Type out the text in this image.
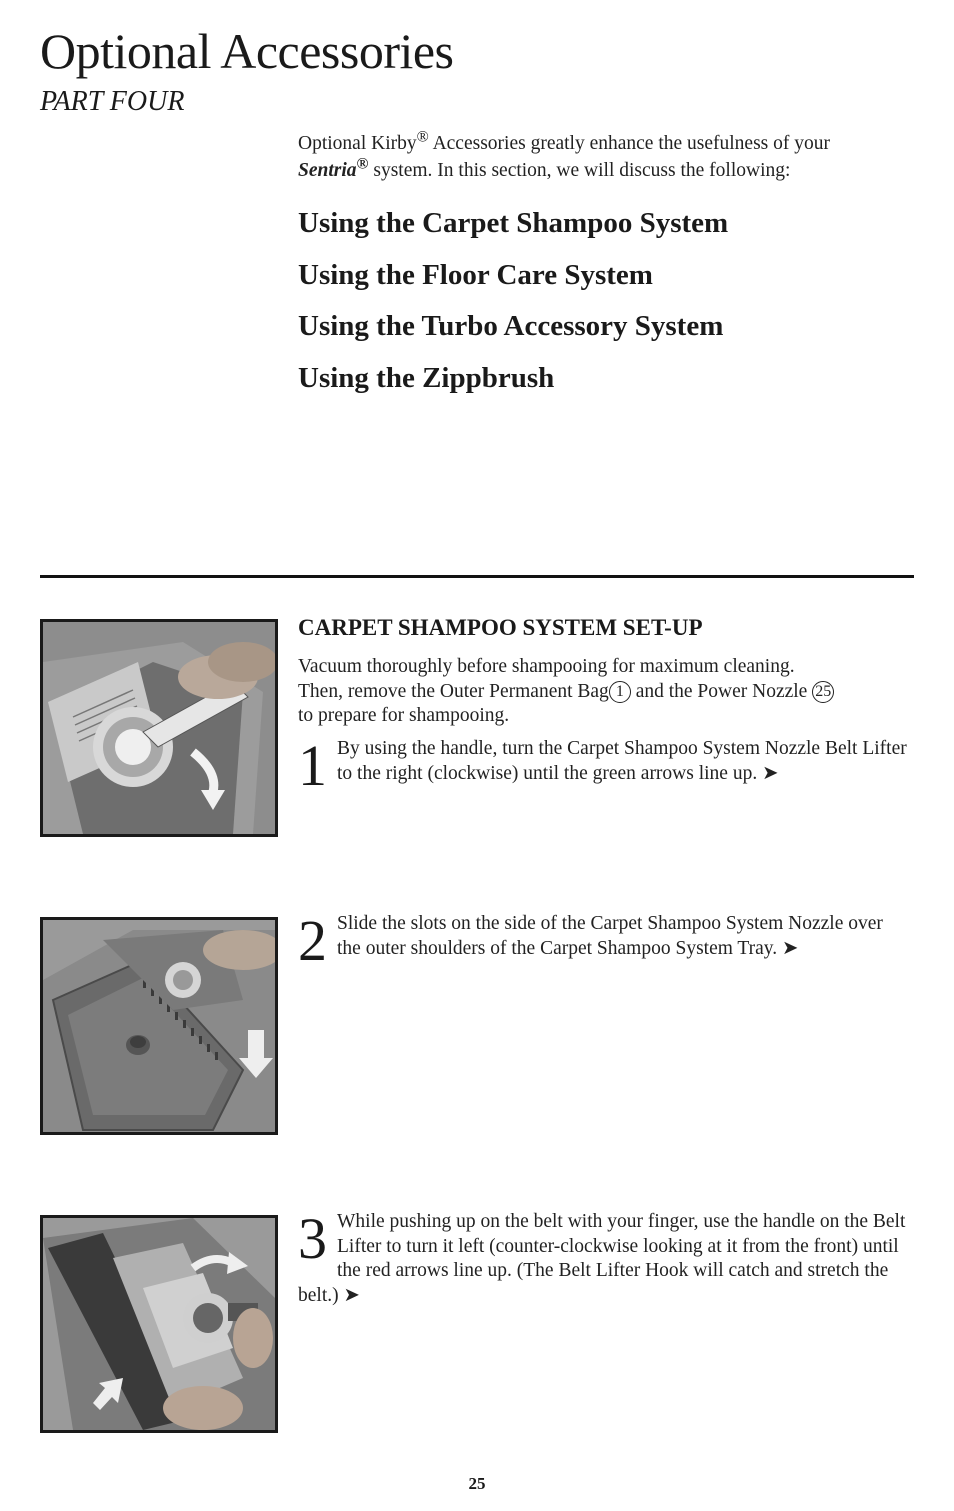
Optional Accessories
PART FOUR
Optional Kirby® Accessories greatly enhance the usefulness of your
Sentria® system. In this section, we will discuss the following:
Using the Carpet Shampoo System
Using the Floor Care System
Using the Turbo Accessory System
Using the Zippbrush
CARPET SHAMPOO SYSTEM SET-UP
Vacuum thoroughly before shampooing for maximum cleaning.
Then, remove the Outer Permanent Bag 1 and the Power Nozzle 25
to prepare for shampooing.
1 By using the handle, turn the Carpet Shampoo System Nozzle Belt Lifter to the right (clockwise) until the green arrows line up. ➤
2 Slide the slots on the side of the Carpet Shampoo System Nozzle over the outer shoulders of the Carpet Shampoo System Tray. ➤
3 While pushing up on the belt with your finger, use the handle on the Belt Lifter to turn it left (counter-clockwise looking at it from the front) until the red arrows line up. (The Belt Lifter Hook will catch and stretch the belt.) ➤
25
